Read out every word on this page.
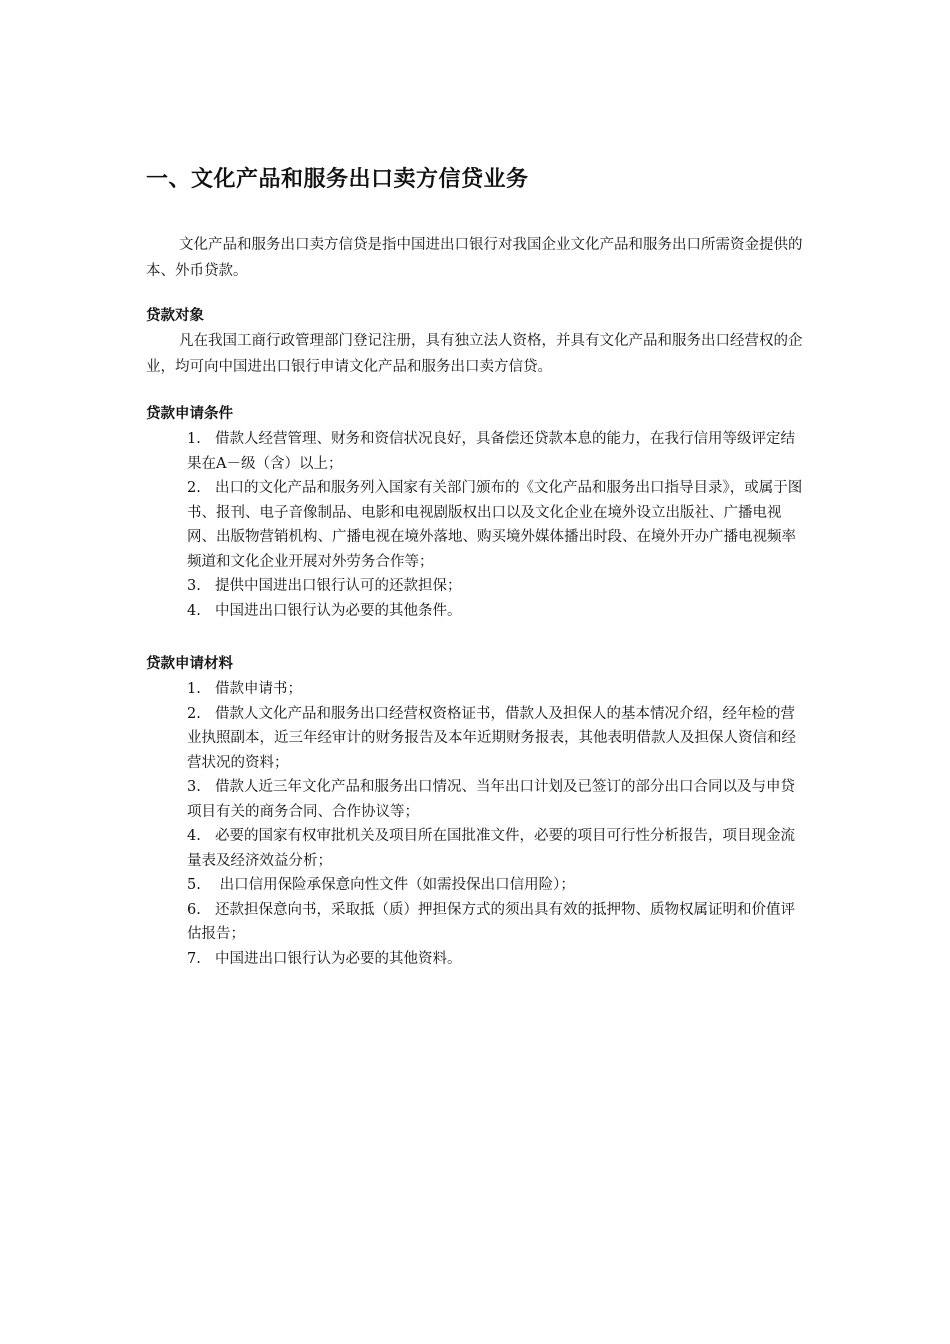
一、文化产品和服务出口卖方信贷业务

文化产品和服务出口卖方信贷是指中国进出口银行对我国企业文化产品和服务出口所需资金提供的本、外币贷款。

贷款对象

凡在我国工商行政管理部门登记注册，具有独立法人资格，并具有文化产品和服务出口经营权的企业，均可向中国进出口银行申请文化产品和服务出口卖方信贷。

贷款申请条件
1. 借款人经营管理、财务和资信状况良好，具备偿还贷款本息的能力，在我行信用等级评定结果在A－级（含）以上；
2. 出口的文化产品和服务列入国家有关部门颁布的《文化产品和服务出口指导目录》，或属于图书、报刊、电子音像制品、电影和电视剧版权出口以及文化企业在境外设立出版社、广播电视网、出版物营销机构、广播电视在境外落地、购买境外媒体播出时段、在境外开办广播电视频率频道和文化企业开展对外劳务合作等；
3. 提供中国进出口银行认可的还款担保；
4. 中国进出口银行认为必要的其他条件。
贷款申请材料
1. 借款申请书；
2. 借款人文化产品和服务出口经营权资格证书，借款人及担保人的基本情况介绍，经年检的营业执照副本，近三年经审计的财务报告及本年近期财务报表，其他表明借款人及担保人资信和经营状况的资料；
3. 借款人近三年文化产品和服务出口情况、当年出口计划及已签订的部分出口合同以及与申贷项目有关的商务合同、合作协议等；
4. 必要的国家有权审批机关及项目所在国批准文件，必要的项目可行性分析报告，项目现金流量表及经济效益分析；
5. 出口信用保险承保意向性文件（如需投保出口信用险）；
6. 还款担保意向书，采取抵（质）押担保方式的须出具有效的抵押物、质物权属证明和价值评估报告；
7. 中国进出口银行认为必要的其他资料。
